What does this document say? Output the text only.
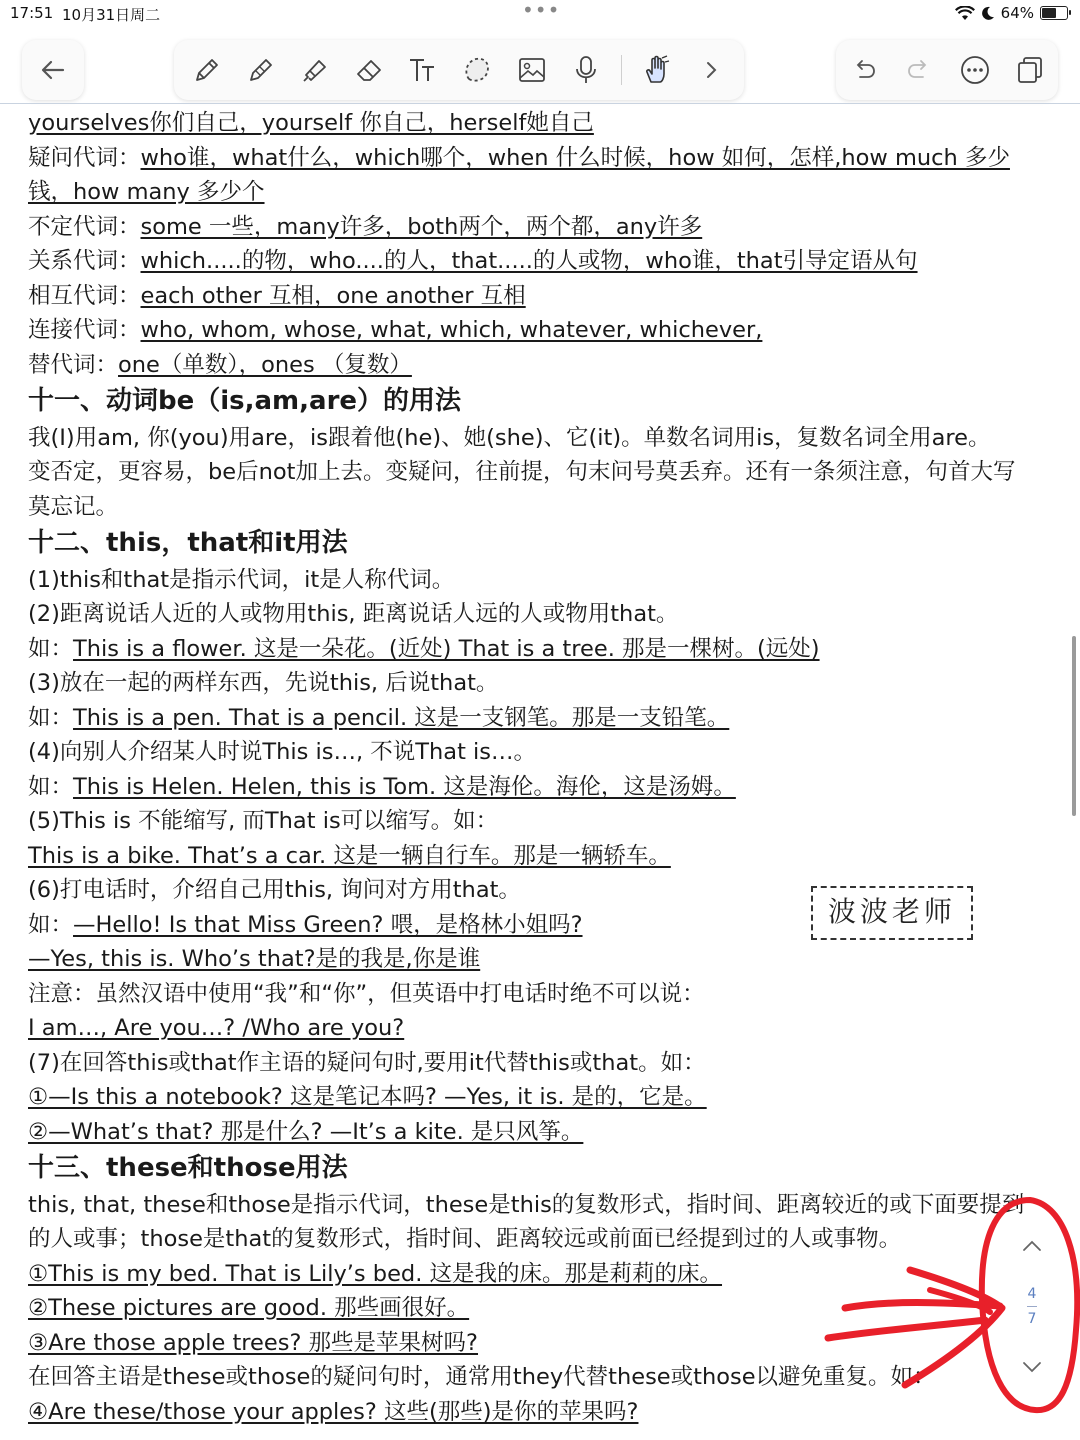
17:51 10月31日周二	•••	64%
yourselves你们自己，yourself 你自己，herself她自己
疑问代词：who谁，what什么，which哪个，when 什么时候，how 如何，怎样,how much 多少
钱，how many 多少个
不定代词：some 一些，many许多，both两个，两个都，any许多
关系代词：which.....的物，who....的人，that.....的人或物，who谁，that引导定语从句
相互代词：each other 互相，one another 互相
连接代词：who, whom, whose, what, which, whatever, whichever,
替代词：one（单数），ones （复数）
十一、动词be（is,am,are）的用法
我(I)用am, 你(you)用are，is跟着他(he)、她(she)、它(it)。单数名词用is，复数名词全用are。
变否定，更容易，be后not加上去。变疑问，往前提，句末问号莫丢弃。还有一条须注意，句首大写
莫忘记。
十二、this，that和it用法
(1)this和that是指示代词，it是人称代词。
(2)距离说话人近的人或物用this, 距离说话人远的人或物用that。
如：This is a flower. 这是一朵花。(近处) That is a tree. 那是一棵树。(远处)
(3)放在一起的两样东西，先说this, 后说that。
如：This is a pen. That is a pencil. 这是一支钢笔。那是一支铅笔。
(4)向别人介绍某人时说This is…, 不说That is…。
如：This is Helen. Helen, this is Tom. 这是海伦。海伦，这是汤姆。
(5)This is 不能缩写, 而That is可以缩写。如：
This is a bike. That’s a car. 这是一辆自行车。那是一辆轿车。
(6)打电话时，介绍自己用this, 询问对方用that。
如：—Hello! Is that Miss Green? 喂，是格林小姐吗?
—Yes, this is. Who’s that?是的我是,你是谁
注意：虽然汉语中使用“我”和“你”，但英语中打电话时绝不可以说：
I am…, Are you…? /Who are you?
(7)在回答this或that作主语的疑问句时,要用it代替this或that。如：
①—Is this a notebook? 这是笔记本吗? —Yes, it is. 是的，它是。
②—What’s that? 那是什么? —It’s a kite. 是只风筝。
十三、these和those用法
this, that, these和those是指示代词，these是this的复数形式，指时间、距离较近的或下面要提到
的人或事；those是that的复数形式，指时间、距离较远或前面已经提到过的人或事物。
①This is my bed. That is Lily’s bed. 这是我的床。那是莉莉的床。
②These pictures are good. 那些画很好。
③Are those apple trees? 那些是苹果树吗?
在回答主语是these或those的疑问句时，通常用they代替these或those以避免重复。如：
④Are these/those your apples? 这些(那些)是你的苹果吗?
波波老师
4
7
